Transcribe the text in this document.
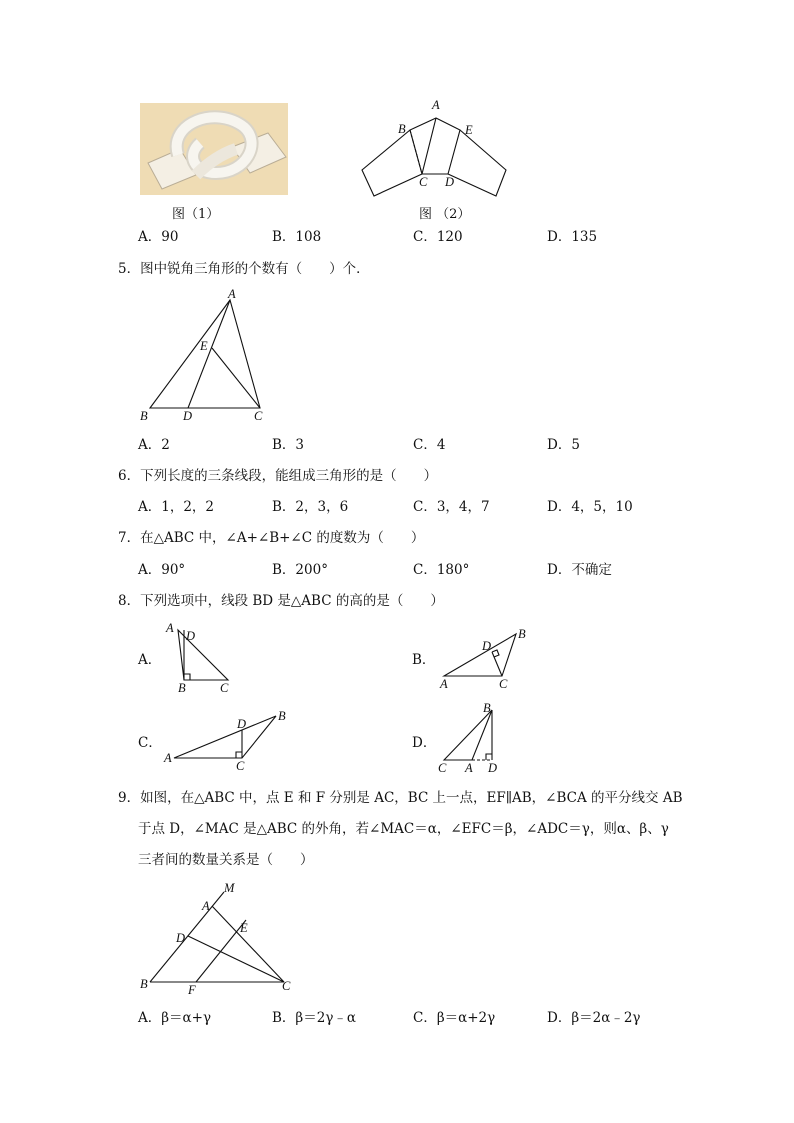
图（1）
A
B	E
C D
图 （2）
A．90	B．108	C．120	D．135
5．图中锐角三角形的个数有（　　）个．
A
E
B	D	C
A．2	B．3	C．4	D．5
6．下列长度的三条线段，能组成三角形的是（　　）
A．1，2，2	B．2，3，6	C．3，4，7	D．4，5，10
7．在△ABC 中，∠A+∠B+∠C 的度数为（　　）
A．90°	B．200°	C．180°	D．不确定
8．下列选项中，线段 BD 是△ABC 的高的是（　　）
A．
A
D
B	C
B．
D
B
A	C
C．
D
B
A
C
D．
B
C A D
9．如图，在△ABC 中，点 E 和 F 分别是 AC，BC 上一点，EF∥AB，∠BCA 的平分线交 AB
于点 D，∠MAC 是△ABC 的外角，若∠MAC＝α，∠EFC＝β，∠ADC＝γ，则α、β、γ
三者间的数量关系是（　　）
M
A
E
D
B	F	C
A．β＝α+γ	B．β＝2γ﹣α	C．β＝α+2γ	D．β＝2α﹣2γ
